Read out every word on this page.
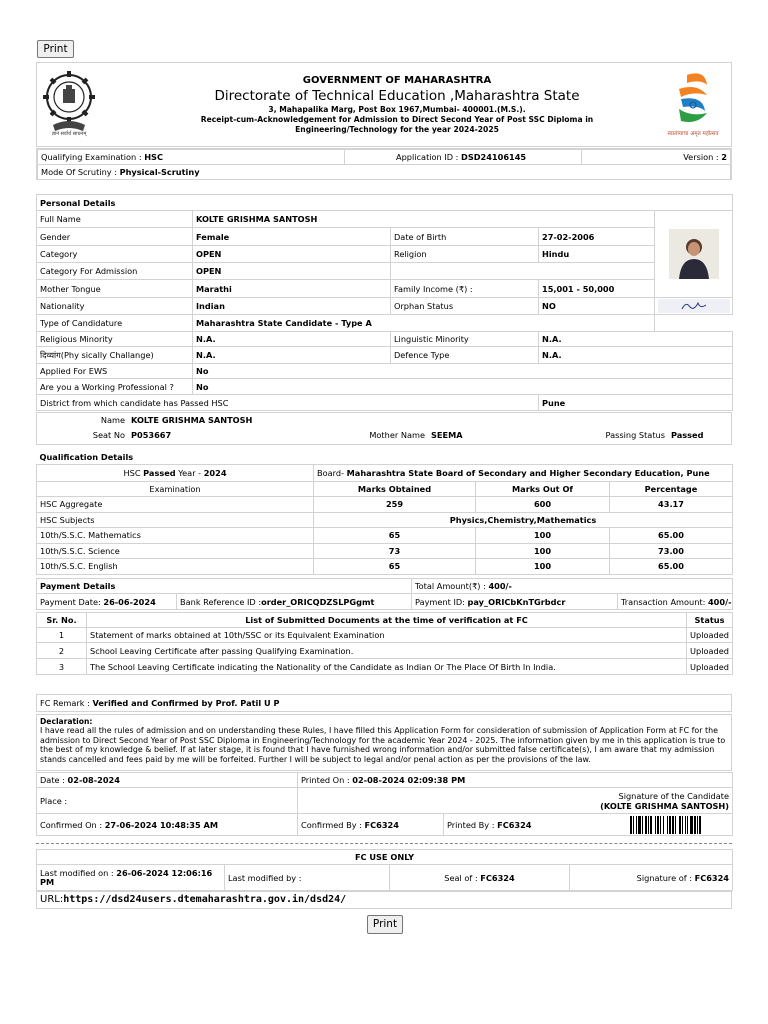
Print
ज्ञानं सर्वार्थ साधनम्
GOVERNMENT OF MAHARASHTRA
Directorate of Technical Education ,Maharashtra State
3, Mahapalika Marg, Post Box 1967,Mumbai- 400001.(M.S.).
Receipt-cum-Acknowledgement for Admission to Direct Second Year of Post SSC Diploma in
Engineering/Technology for the year 2024-2025	स्वातंत्र्याचा अमृत महोत्सव
Qualifying Examination : HSC	Application ID : DSD24106145	Version : 2
Mode Of Scrutiny : Physical-Scrutiny
Personal Details				
Full Name	KOLTE GRISHMA SANTOSH	

Gender	Female	Date of Birth	27-02-2006	
Category	OPEN	Religion	Hindu	
Category For Admission	OPEN			
Mother Tongue	Marathi	Family Income (₹) :	15,001 - 50,000	
Nationality	Indian	Orphan Status	NO	

Type of Candidature	Maharashtra State Candidate - Type A			
Religious Minority	N.A.	Linguistic Minority	N.A.	
दिव्यांग(Phy sically Challange)	N.A.	Defence Type	N.A.	
Applied For EWS	No			
Are you a Working Professional ?	No			
District from which candidate has Passed HSC			Pune	
Name	KOLTE GRISHMA SANTOSH				
Seat No	P053667	Mother Name	SEEMA	Passing Status	Passed
Qualification Details			
HSC Passed Year - 2024	Board- Maharashtra State Board of Secondary and Higher Secondary Education, Pune		
Examination	Marks Obtained	Marks Out Of	Percentage
HSC Aggregate	259	600	43.17
HSC Subjects	Physics,Chemistry,Mathematics		
10th/S.S.C. Mathematics	65	100	65.00
10th/S.S.C. Science	73	100	73.00
10th/S.S.C. English	65	100	65.00
Payment Details		Total Amount(₹) : 400/-	
Payment Date: 26-06-2024	Bank Reference ID :order_ORICQDZSLPGgmt	Payment ID: pay_ORICbKnTGrbdcr	Transaction Amount: 400/-
Sr. No.	List of Submitted Documents at the time of verification at FC	Status
1	Statement of marks obtained at 10th/SSC or its Equivalent Examination	Uploaded
2	School Leaving Certificate after passing Qualifying Examination.	Uploaded
3	The School Leaving Certificate indicating the Nationality of the Candidate as Indian Or The Place Of Birth In India.	Uploaded
FC Remark : Verified and Confirmed by Prof. Patil U P
Declaration:
I have read all the rules of admission and on understanding these Rules, I have filled this Application Form for consideration of submission of Application Form at FC for the admission to Direct Second Year of Post SSC Diploma in Engineering/Technology for the academic Year 2024 - 2025. The information given by me in this application is true to the best of my knowledge & belief. If at later stage, it is found that I have furnished wrong information and/or submitted false certificate(s), I am aware that my admission stands cancelled and fees paid by me will be forfeited. Further I will be subject to legal and/or penal action as per the provisions of the law.
Date : 02-08-2024	Printed On : 02-08-2024 02:09:38 PM	
Place :	Signature of the Candidate
(KOLTE GRISHMA SANTOSH)	

Confirmed On : 27-06-2024 10:48:35 AM	Confirmed By : FC6324	Printed By : FC6324
FC USE ONLY
Last modified on : 26-06-2024 12:06:16 PM	Last modified by :	Seal of : FC6324	Signature of : FC6324
URL:https://dsd24users.dtemaharashtra.gov.in/dsd24/
Print
